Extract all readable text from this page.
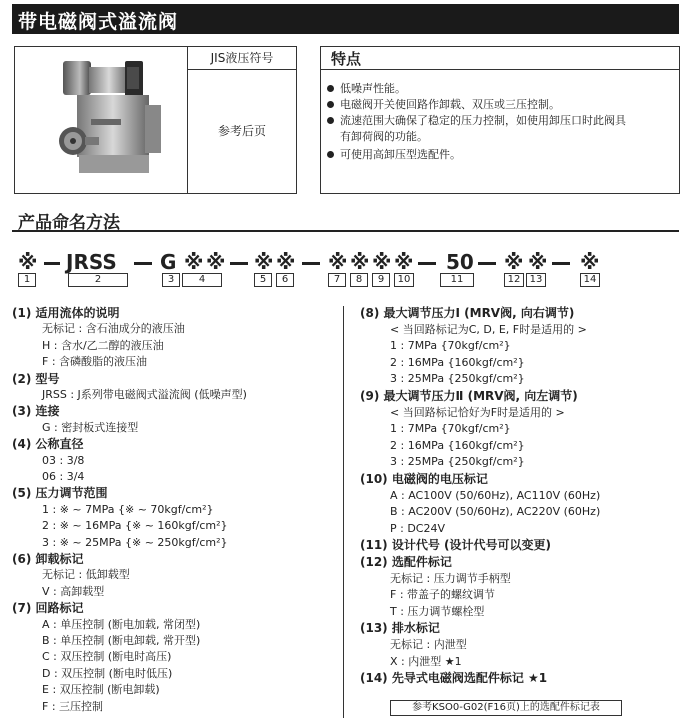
带电磁阀式溢流阀
JIS液压符号
参考后页
特点
低噪声性能。
电磁阀开关使回路作卸载、双压或三压控制。
流速范围大确保了稳定的压力控制，如使用卸压口时此阀具
有卸荷阀的功能。
可使用高卸压型选配件。
产品命名方法
※ JRSS G ※ ※ ※ ※ ※ ※ ※ ※ 50 ※ ※ ※
1	2	3	4	5	6	7	8	9	10	11	12 13	14
(1) 适用流体的说明
无标记 : 含石油成分的液压油
H : 含水/乙二醇的液压油
F : 含磷酸脂的液压油
(2) 型号
JRSS : J系列带电磁阀式溢流阀 (低噪声型)
(3) 连接
G : 密封板式连接型
(4) 公称直径
03 : 3/8
06 : 3/4
(5) 压力调节范围
1 : ※ ~ 7MPa {※ ~ 70kgf/cm²}
2 : ※ ~ 16MPa {※ ~ 160kgf/cm²}
3 : ※ ~ 25MPa {※ ~ 250kgf/cm²}
(6) 卸载标记
无标记 : 低卸载型
V : 高卸载型
(7) 回路标记
A : 单压控制 (断电加载, 常闭型)
B : 单压控制 (断电卸载, 常开型)
C : 双压控制 (断电时高压)
D : 双压控制 (断电时低压)
E : 双压控制 (断电卸载)
F : 三压控制
(8) 最大调节压力Ⅰ (MRV阀, 向右调节)
< 当回路标记为C, D, E, F时是适用的 >
1 : 7MPa {70kgf/cm²}
2 : 16MPa {160kgf/cm²}
3 : 25MPa {250kgf/cm²}
(9) 最大调节压力Ⅱ (MRV阀, 向左调节)
< 当回路标记恰好为F时是适用的 >
1 : 7MPa {70kgf/cm²}
2 : 16MPa {160kgf/cm²}
3 : 25MPa {250kgf/cm²}
(10) 电磁阀的电压标记
A : AC100V (50/60Hz), AC110V (60Hz)
B : AC200V (50/60Hz), AC220V (60Hz)
P : DC24V
(11) 设计代号 (设计代号可以变更)
(12) 选配件标记
无标记 : 压力调节手柄型
F : 带盖子的螺纹调节
T : 压力调节螺栓型
(13) 排水标记
无标记 : 内泄型
X : 内泄型 ★1
(14) 先导式电磁阀选配件标记 ★1
参考KSO0-G02(F16页)上的选配件标记表
